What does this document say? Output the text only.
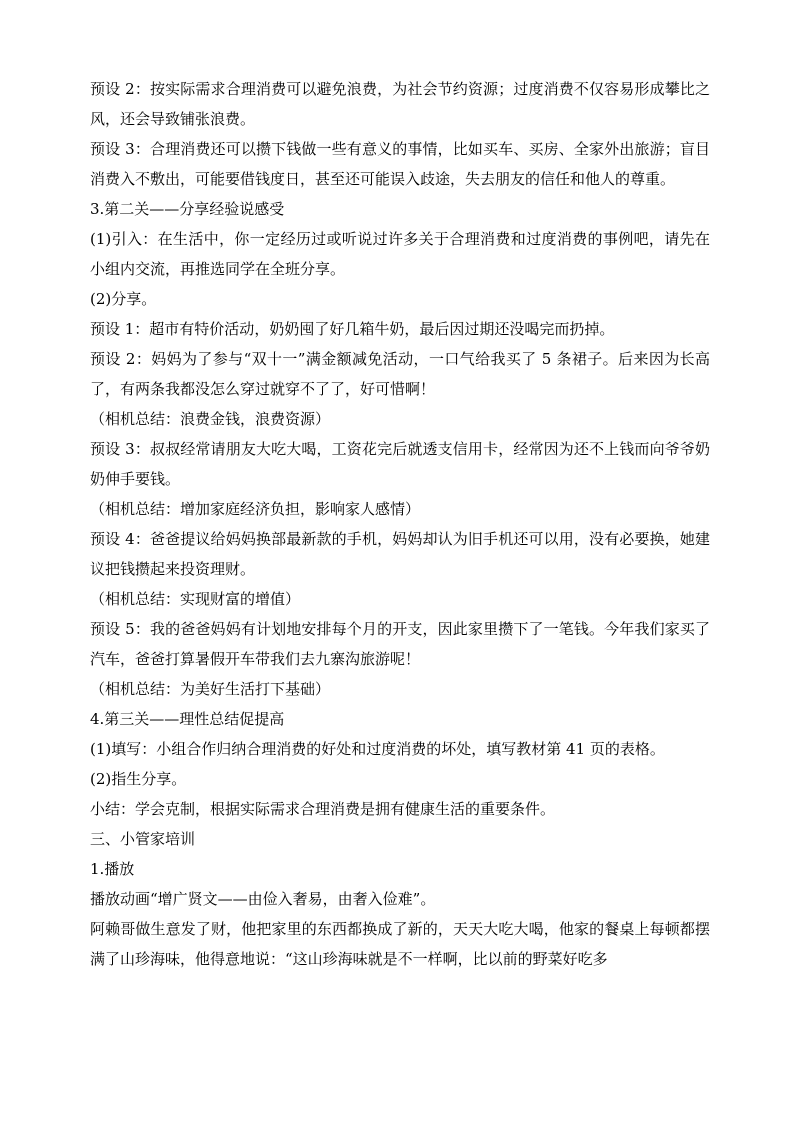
预设 2：按实际需求合理消费可以避免浪费，为社会节约资源；过度消费不仅容易形成攀比之风，还会导致铺张浪费。

预设 3：合理消费还可以攒下钱做一些有意义的事情，比如买车、买房、全家外出旅游；盲目消费入不敷出，可能要借钱度日，甚至还可能误入歧途，失去朋友的信任和他人的尊重。

3.第二关——分享经验说感受

(1)引入：在生活中，你一定经历过或听说过许多关于合理消费和过度消费的事例吧，请先在小组内交流，再推选同学在全班分享。

(2)分享。

预设 1：超市有特价活动，奶奶囤了好几箱牛奶，最后因过期还没喝完而扔掉。

预设 2：妈妈为了参与“双十一”满金额减免活动，一口气给我买了 5 条裙子。后来因为长高了，有两条我都没怎么穿过就穿不了了，好可惜啊！

（相机总结：浪费金钱，浪费资源）

预设 3：叔叔经常请朋友大吃大喝，工资花完后就透支信用卡，经常因为还不上钱而向爷爷奶奶伸手要钱。

（相机总结：增加家庭经济负担，影响家人感情）

预设 4：爸爸提议给妈妈换部最新款的手机，妈妈却认为旧手机还可以用，没有必要换，她建议把钱攒起来投资理财。

（相机总结：实现财富的增值）

预设 5：我的爸爸妈妈有计划地安排每个月的开支，因此家里攒下了一笔钱。今年我们家买了汽车，爸爸打算暑假开车带我们去九寨沟旅游呢！

（相机总结：为美好生活打下基础）

4.第三关——理性总结促提高

(1)填写：小组合作归纳合理消费的好处和过度消费的坏处，填写教材第 41 页的表格。

(2)指生分享。

小结：学会克制，根据实际需求合理消费是拥有健康生活的重要条件。

三、小管家培训

1.播放

播放动画“增广贤文——由俭入奢易，由奢入俭难”。

阿赖哥做生意发了财，他把家里的东西都换成了新的，天天大吃大喝，他家的餐桌上每顿都摆满了山珍海味，他得意地说：“这山珍海味就是不一样啊，比以前的野菜好吃多
